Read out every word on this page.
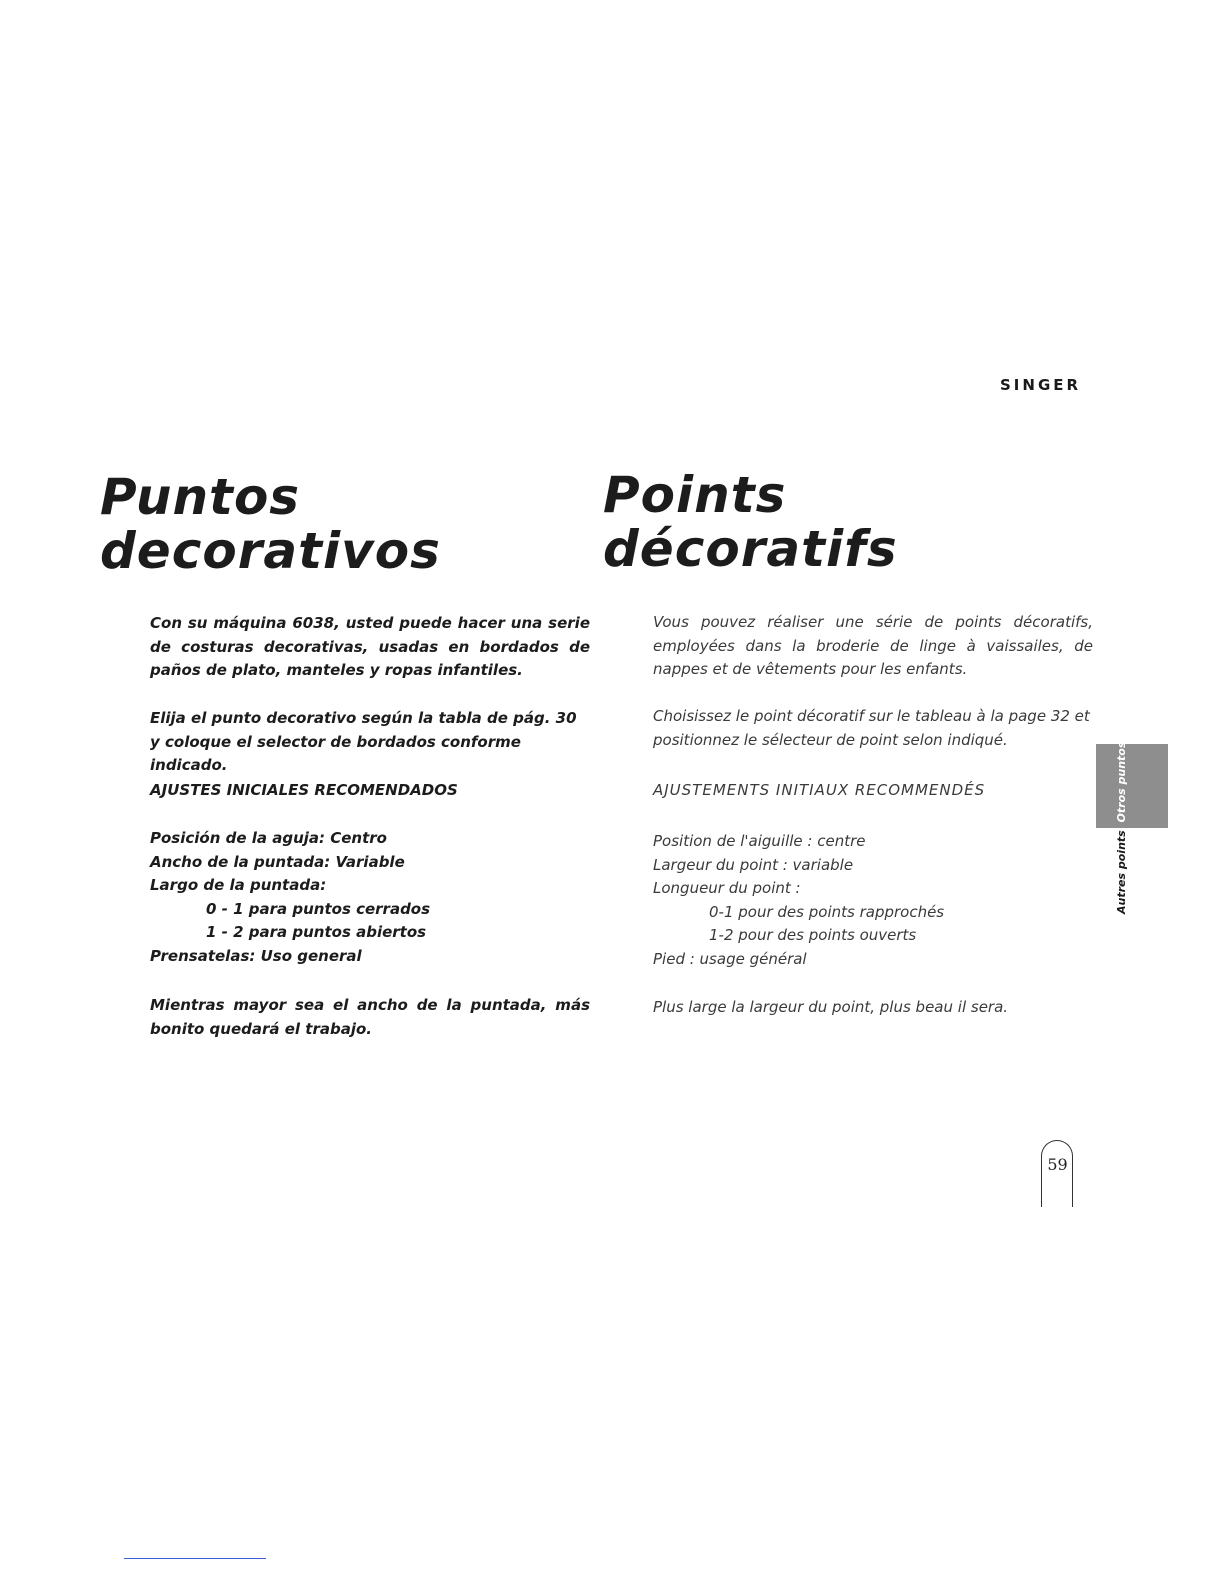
SINGER
Puntos
decorativos
Points
décoratifs

Con su máquina 6038, usted puede hacer una serie de costuras decorativas, usadas en bordados de paños de plato, manteles y ropas infantiles.

Elija el punto decorativo según la tabla de pág. 30 y coloque el selector de bordados conforme indicado.

AJUSTES INICIALES RECOMENDADOS

Posición de la aguja: Centro

Ancho de la puntada: Variable

Largo de la puntada:

0 - 1 para puntos cerrados

1 - 2 para puntos abiertos

Prensatelas: Uso general

Mientras mayor sea el ancho de la puntada, más bonito quedará el trabajo.

Vous pouvez réaliser une série de points décoratifs, employées dans la broderie de linge à vaissailes, de nappes et de vêtements pour les enfants.

Choisissez le point décoratif sur le tableau à la page 32 et positionnez le sélecteur de point selon indiqué.

AJUSTEMENTS INITIAUX RECOMMENDÉS

Position de l'aiguille : centre

Largeur du point : variable

Longueur du point :

0-1 pour des points rapprochés

1-2 pour des points ouverts

Pied : usage général

Plus large la largeur du point, plus beau il sera.

Autres points Otros puntos
59
